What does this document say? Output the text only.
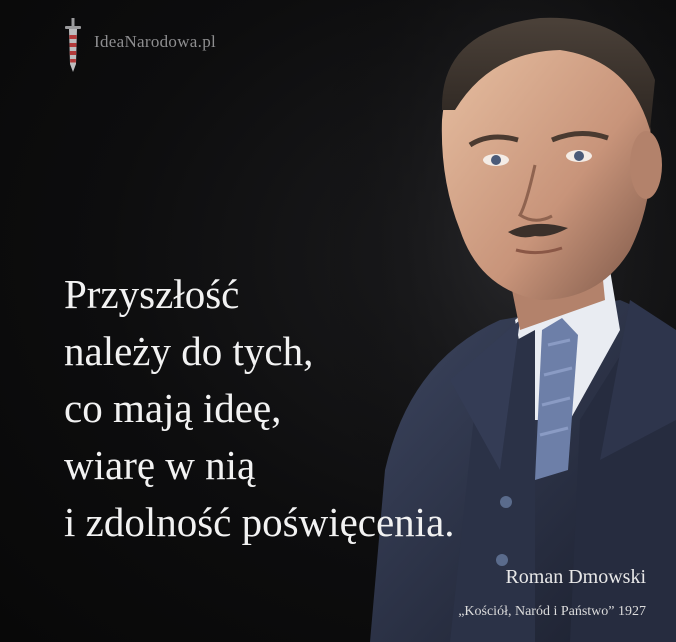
IdeaNarodowa.pl
Przyszłość
należy do tych,
co mają ideę,
wiarę w nią
i zdolność poświęcenia.
Roman Dmowski
„Kościół, Naród i Państwo” 1927
